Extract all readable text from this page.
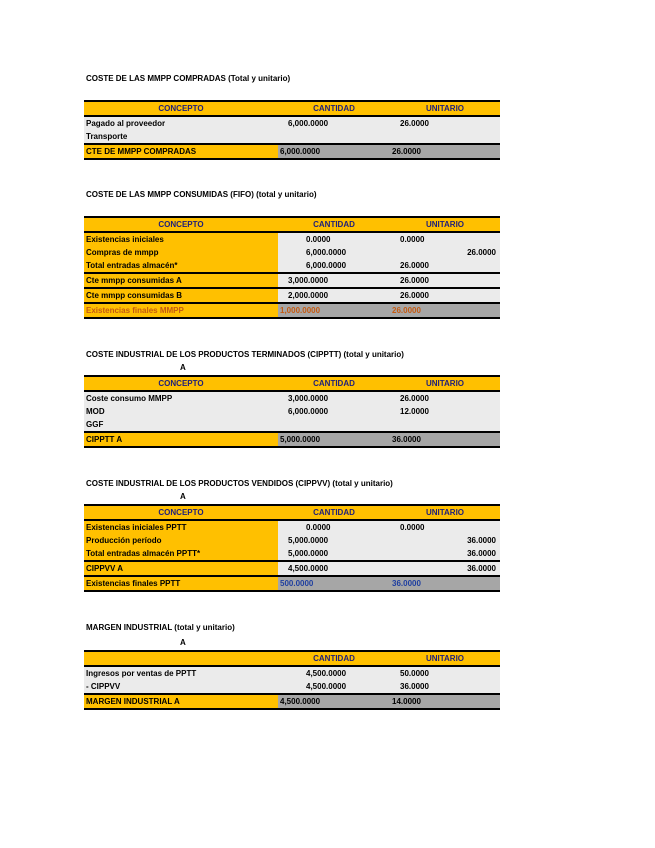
COSTE DE LAS MMPP COMPRADAS (Total y unitario)
CONCEPTO	CANTIDAD	UNITARIO
Pagado al proveedor	6,000.0000	26.0000
Transporte		
CTE DE MMPP COMPRADAS	6,000.0000	26.0000
COSTE DE LAS MMPP CONSUMIDAS (FIFO) (total y unitario)
CONCEPTO	CANTIDAD	UNITARIO
Existencias iniciales	0.0000	0.0000
Compras de mmpp	6,000.0000	26.0000
Total entradas almacén*	6,000.0000	26.0000
Cte mmpp consumidas A	3,000.0000	26.0000
Cte mmpp consumidas B	2,000.0000	26.0000
Existencias finales MMPP	1,000.0000	26.0000
COSTE INDUSTRIAL DE LOS PRODUCTOS TERMINADOS (CIPPTT) (total y unitario)
A
CONCEPTO	CANTIDAD	UNITARIO
Coste consumo MMPP	3,000.0000	26.0000
MOD	6,000.0000	12.0000
GGF		
CIPPTT A	5,000.0000	36.0000
COSTE INDUSTRIAL DE LOS PRODUCTOS VENDIDOS (CIPPVV) (total y unitario)
A
CONCEPTO	CANTIDAD	UNITARIO
Existencias iniciales PPTT	0.0000	0.0000
Producción período	5,000.0000	36.0000
Total entradas almacén PPTT*	5,000.0000	36.0000
CIPPVV A	4,500.0000	36.0000
Existencias finales PPTT	500.0000	36.0000
MARGEN INDUSTRIAL (total y unitario)
A
	CANTIDAD	UNITARIO
Ingresos por ventas de PPTT	4,500.0000	50.0000
- CIPPVV	4,500.0000	36.0000
MARGEN INDUSTRIAL A	4,500.0000	14.0000
